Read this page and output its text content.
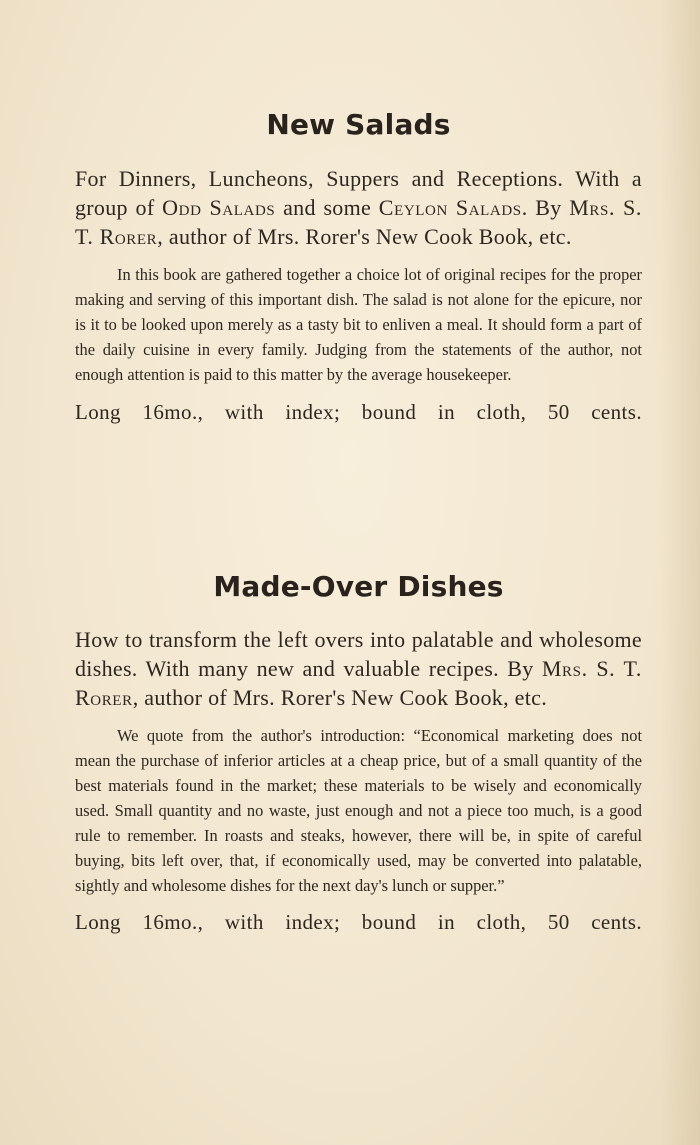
New Salads

For Dinners, Luncheons, Suppers and Receptions. With a group of Odd Salads and some Ceylon Salads. By Mrs. S. T. Rorer, author of Mrs. Rorer's New Cook Book, etc.

In this book are gathered together a choice lot of original recipes for the proper making and serving of this important dish. The salad is not alone for the epicure, nor is it to be looked upon merely as a tasty bit to enliven a meal. It should form a part of the daily cuisine in every family. Judging from the statements of the author, not enough attention is paid to this matter by the average housekeeper.

Long 16mo., with index; bound in cloth, 50 cents.

Made-Over Dishes

How to transform the left overs into palatable and wholesome dishes. With many new and valuable recipes. By Mrs. S. T. Rorer, author of Mrs. Rorer's New Cook Book, etc.

We quote from the author's introduction: “Economical marketing does not mean the purchase of inferior articles at a cheap price, but of a small quantity of the best materials found in the market; these materials to be wisely and economically used. Small quantity and no waste, just enough and not a piece too much, is a good rule to remember. In roasts and steaks, however, there will be, in spite of careful buying, bits left over, that, if economically used, may be converted into palatable, sightly and wholesome dishes for the next day's lunch or supper.”

Long 16mo., with index; bound in cloth, 50 cents.
